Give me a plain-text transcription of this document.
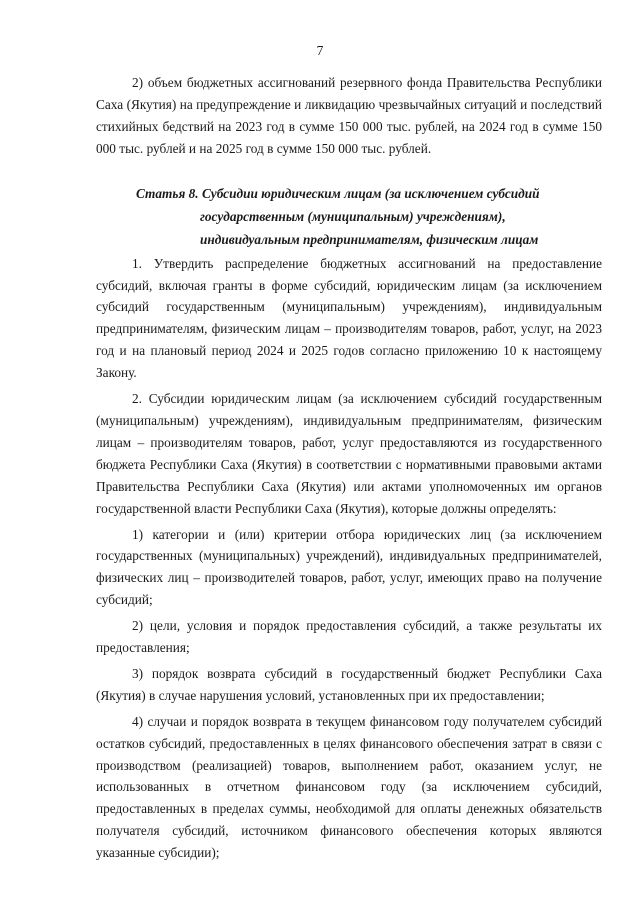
7

2) объем бюджетных ассигнований резервного фонда Правительства Республики Саха (Якутия) на предупреждение и ликвидацию чрезвычайных ситуаций и последствий стихийных бедствий на 2023 год в сумме 150 000 тыс. рублей, на 2024 год в сумме 150 000 тыс. рублей и на 2025 год в сумме 150 000 тыс. рублей.

Статья 8. Субсидии юридическим лицам (за исключением субсидий
государственным (муниципальным) учреждениям),
индивидуальным предпринимателям, физическим лицам

1. Утвердить распределение бюджетных ассигнований на предоставление субсидий, включая гранты в форме субсидий, юридическим лицам (за исключением субсидий государственным (муниципальным) учреждениям), индивидуальным предпринимателям, физическим лицам – производителям товаров, работ, услуг, на 2023 год и на плановый период 2024 и 2025 годов согласно приложению 10 к настоящему Закону.

2. Субсидии юридическим лицам (за исключением субсидий государственным (муниципальным) учреждениям), индивидуальным предпринимателям, физическим лицам – производителям товаров, работ, услуг предоставляются из государственного бюджета Республики Саха (Якутия) в соответствии с нормативными правовыми актами Правительства Республики Саха (Якутия) или актами уполномоченных им органов государственной власти Республики Саха (Якутия), которые должны определять:

1) категории и (или) критерии отбора юридических лиц (за исключением государственных (муниципальных) учреждений), индивидуальных предпринимателей, физических лиц – производителей товаров, работ, услуг, имеющих право на получение субсидий;

2) цели, условия и порядок предоставления субсидий, а также результаты их предоставления;

3) порядок возврата субсидий в государственный бюджет Республики Саха (Якутия) в случае нарушения условий, установленных при их предоставлении;

4) случаи и порядок возврата в текущем финансовом году получателем субсидий остатков субсидий, предоставленных в целях финансового обеспечения затрат в связи с производством (реализацией) товаров, выполнением работ, оказанием услуг, не использованных в отчетном финансовом году (за исключением субсидий, предоставленных в пределах суммы, необходимой для оплаты денежных обязательств получателя субсидий, источником финансового обеспечения которых являются указанные субсидии);
